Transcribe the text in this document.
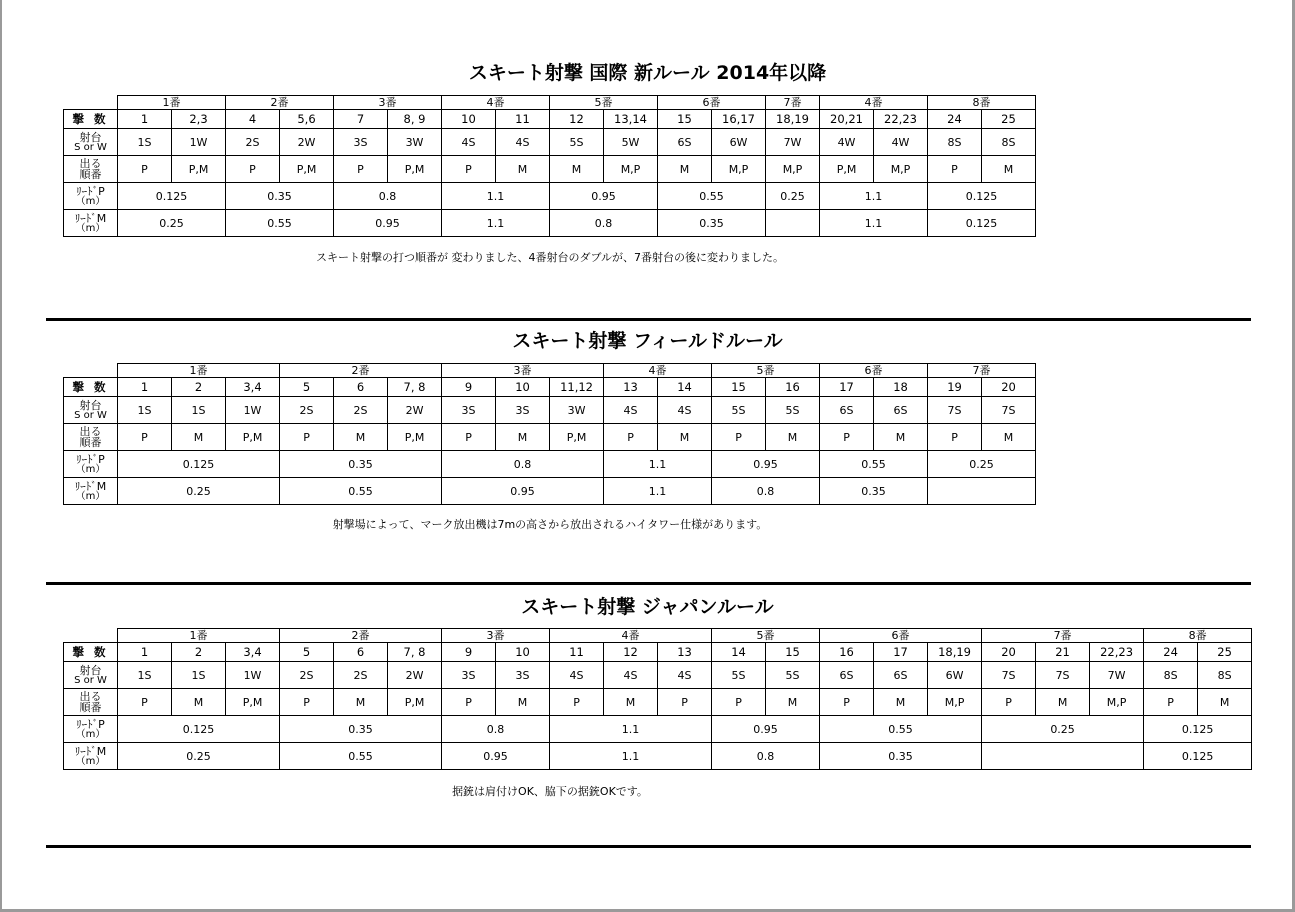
スキート射撃 国際 新ルール 2014年以降
	1番		2番		3番		4番		5番		6番		7番	4番		8番	
撃 数	1	2,3	4	5,6	7	8, 9	10	11	12	13,14	15	16,17	18,19	20,21	22,23	24	25

射台
S or W	1S	1W	2S	2W	3S	3W	4S	4S	5S	5W	6S	6W	7W	4W	4W	8S	8S

出る
順番	P	P,M	P	P,M	P	P,M	P	M	M	M,P	M	M,P	M,P	P,M	M,P	P	M

ﾘｰﾄﾞP
（m）	0.125		0.35		0.8		1.1		0.95		0.55		0.25	1.1		0.125	

ﾘｰﾄﾞM
（m）	0.25		0.55		0.95		1.1		0.8		0.35			1.1		0.125	
スキート射撃の打つ順番が 変わりました、4番射台のダブルが、7番射台の後に変わりました。
スキート射撃 フィールドルール
	1番			2番			3番			4番		5番		6番		7番	
撃 数	1	2	3,4	5	6	7, 8	9	10	11,12	13	14	15	16	17	18	19	20

射台
S or W	1S	1S	1W	2S	2S	2W	3S	3S	3W	4S	4S	5S	5S	6S	6S	7S	7S

出る
順番	P	M	P,M	P	M	P,M	P	M	P,M	P	M	P	M	P	M	P	M

ﾘｰﾄﾞP
（m）	0.125			0.35			0.8			1.1		0.95		0.55		0.25	

ﾘｰﾄﾞM
（m）	0.25			0.55			0.95			1.1		0.8		0.35			
射撃場によって、マーク放出機は7mの高さから放出されるハイタワー仕様があります。
スキート射撃 ジャパンルール
	1番			2番			3番		4番			5番		6番			7番			8番	
撃 数	1	2	3,4	5	6	7, 8	9	10	11	12	13	14	15	16	17	18,19	20	21	22,23	24	25

射台
S or W	1S	1S	1W	2S	2S	2W	3S	3S	4S	4S	4S	5S	5S	6S	6S	6W	7S	7S	7W	8S	8S

出る
順番	P	M	P,M	P	M	P,M	P	M	P	M	P	P	M	P	M	M,P	P	M	M,P	P	M

ﾘｰﾄﾞP
（m）	0.125			0.35			0.8		1.1			0.95		0.55			0.25			0.125	

ﾘｰﾄﾞM
（m）	0.25			0.55			0.95		1.1			0.8		0.35						0.125	
据銃は肩付けOK、脇下の据銃OKです。
